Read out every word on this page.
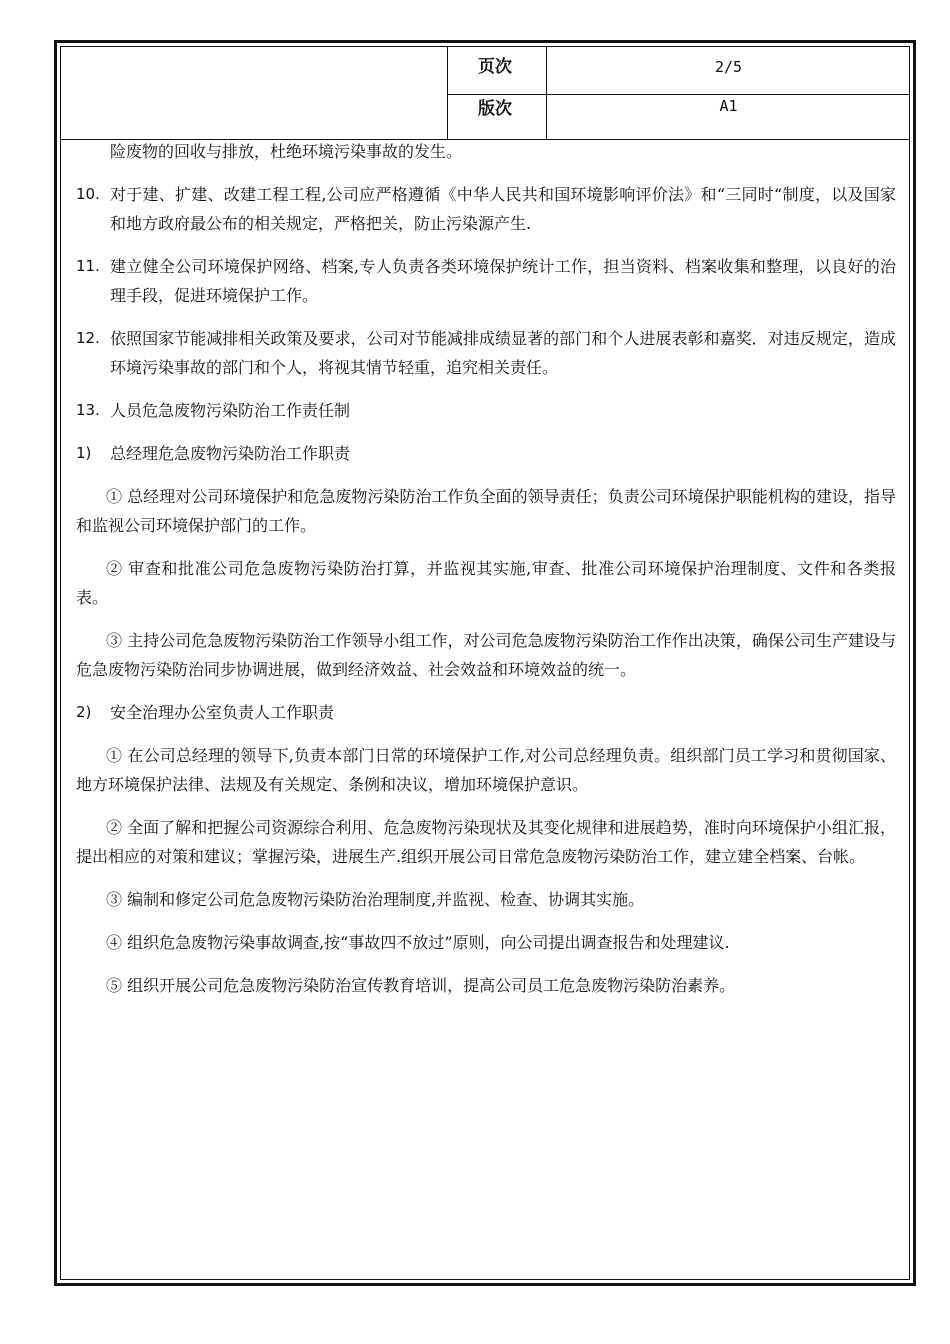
页次	2/5
版次	A1

险废物的回收与排放，杜绝环境污染事故的发生。

10. 对于建、扩建、改建工程工程,公司应严格遵循《中华人民共和国环境影响评价法》和“三同时“制度，以及国家和地方政府最公布的相关规定，严格把关，防止污染源产生.
11. 建立健全公司环境保护网络、档案,专人负责各类环境保护统计工作，担当资料、档案收集和整理，以良好的治理手段，促进环境保护工作。
12. 依照国家节能减排相关政策及要求，公司对节能减排成绩显著的部门和个人进展表彰和嘉奖．对违反规定，造成环境污染事故的部门和个人，将视其情节轻重，追究相关责任。
13. 人员危急废物污染防治工作责任制
1)	总经理危急废物污染防治工作职责

① 总经理对公司环境保护和危急废物污染防治工作负全面的领导责任；负责公司环境保护职能机构的建设，指导和监视公司环境保护部门的工作。

② 审查和批准公司危急废物污染防治打算，并监视其实施,审查、批准公司环境保护治理制度、文件和各类报表。

③ 主持公司危急废物污染防治工作领导小组工作，对公司危急废物污染防治工作作出决策，确保公司生产建设与危急废物污染防治同步协调进展，做到经济效益、社会效益和环境效益的统一。

2)	安全治理办公室负责人工作职责

① 在公司总经理的领导下,负责本部门日常的环境保护工作,对公司总经理负责。组织部门员工学习和贯彻国家、地方环境保护法律、法规及有关规定、条例和决议，增加环境保护意识。

② 全面了解和把握公司资源综合利用、危急废物污染现状及其变化规律和进展趋势，准时向环境保护小组汇报，提出相应的对策和建议；掌握污染，进展生产.组织开展公司日常危急废物污染防治工作，建立建全档案、台帐。

③ 编制和修定公司危急废物污染防治治理制度,并监视、检查、协调其实施。

④ 组织危急废物污染事故调查,按“事故四不放过”原则，向公司提出调查报告和处理建议.

⑤ 组织开展公司危急废物污染防治宣传教育培训，提高公司员工危急废物污染防治素养。
